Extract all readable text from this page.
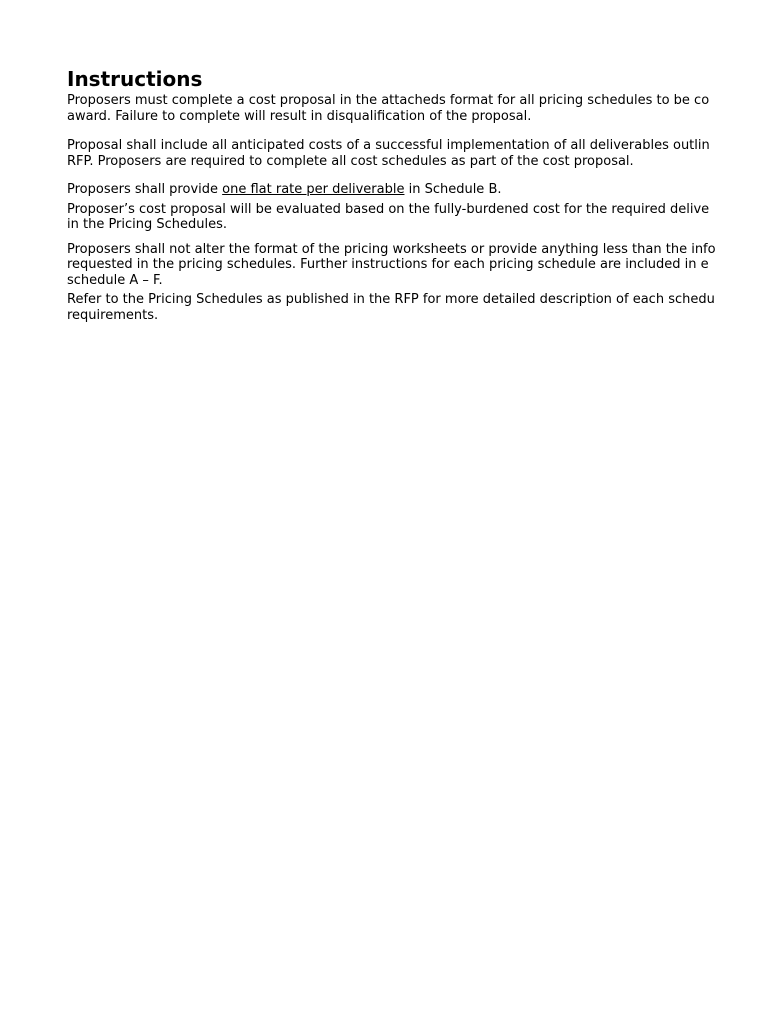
Instructions

Proposers must complete a cost proposal in the attacheds format for all pricing schedules to be co
award. Failure to complete will result in disqualification of the proposal.

Proposal shall include all anticipated costs of a successful implementation of all deliverables outlin
RFP. Proposers are required to complete all cost schedules as part of the cost proposal.

Proposers shall provide one flat rate per deliverable in Schedule B.

Proposer’s cost proposal will be evaluated based on the fully-burdened cost for the required delive
in the Pricing Schedules.

Proposers shall not alter the format of the pricing worksheets or provide anything less than the info
requested in the pricing schedules. Further instructions for each pricing schedule are included in e
schedule A – F.

Refer to the Pricing Schedules as published in the RFP for more detailed description of each schedu
requirements.
